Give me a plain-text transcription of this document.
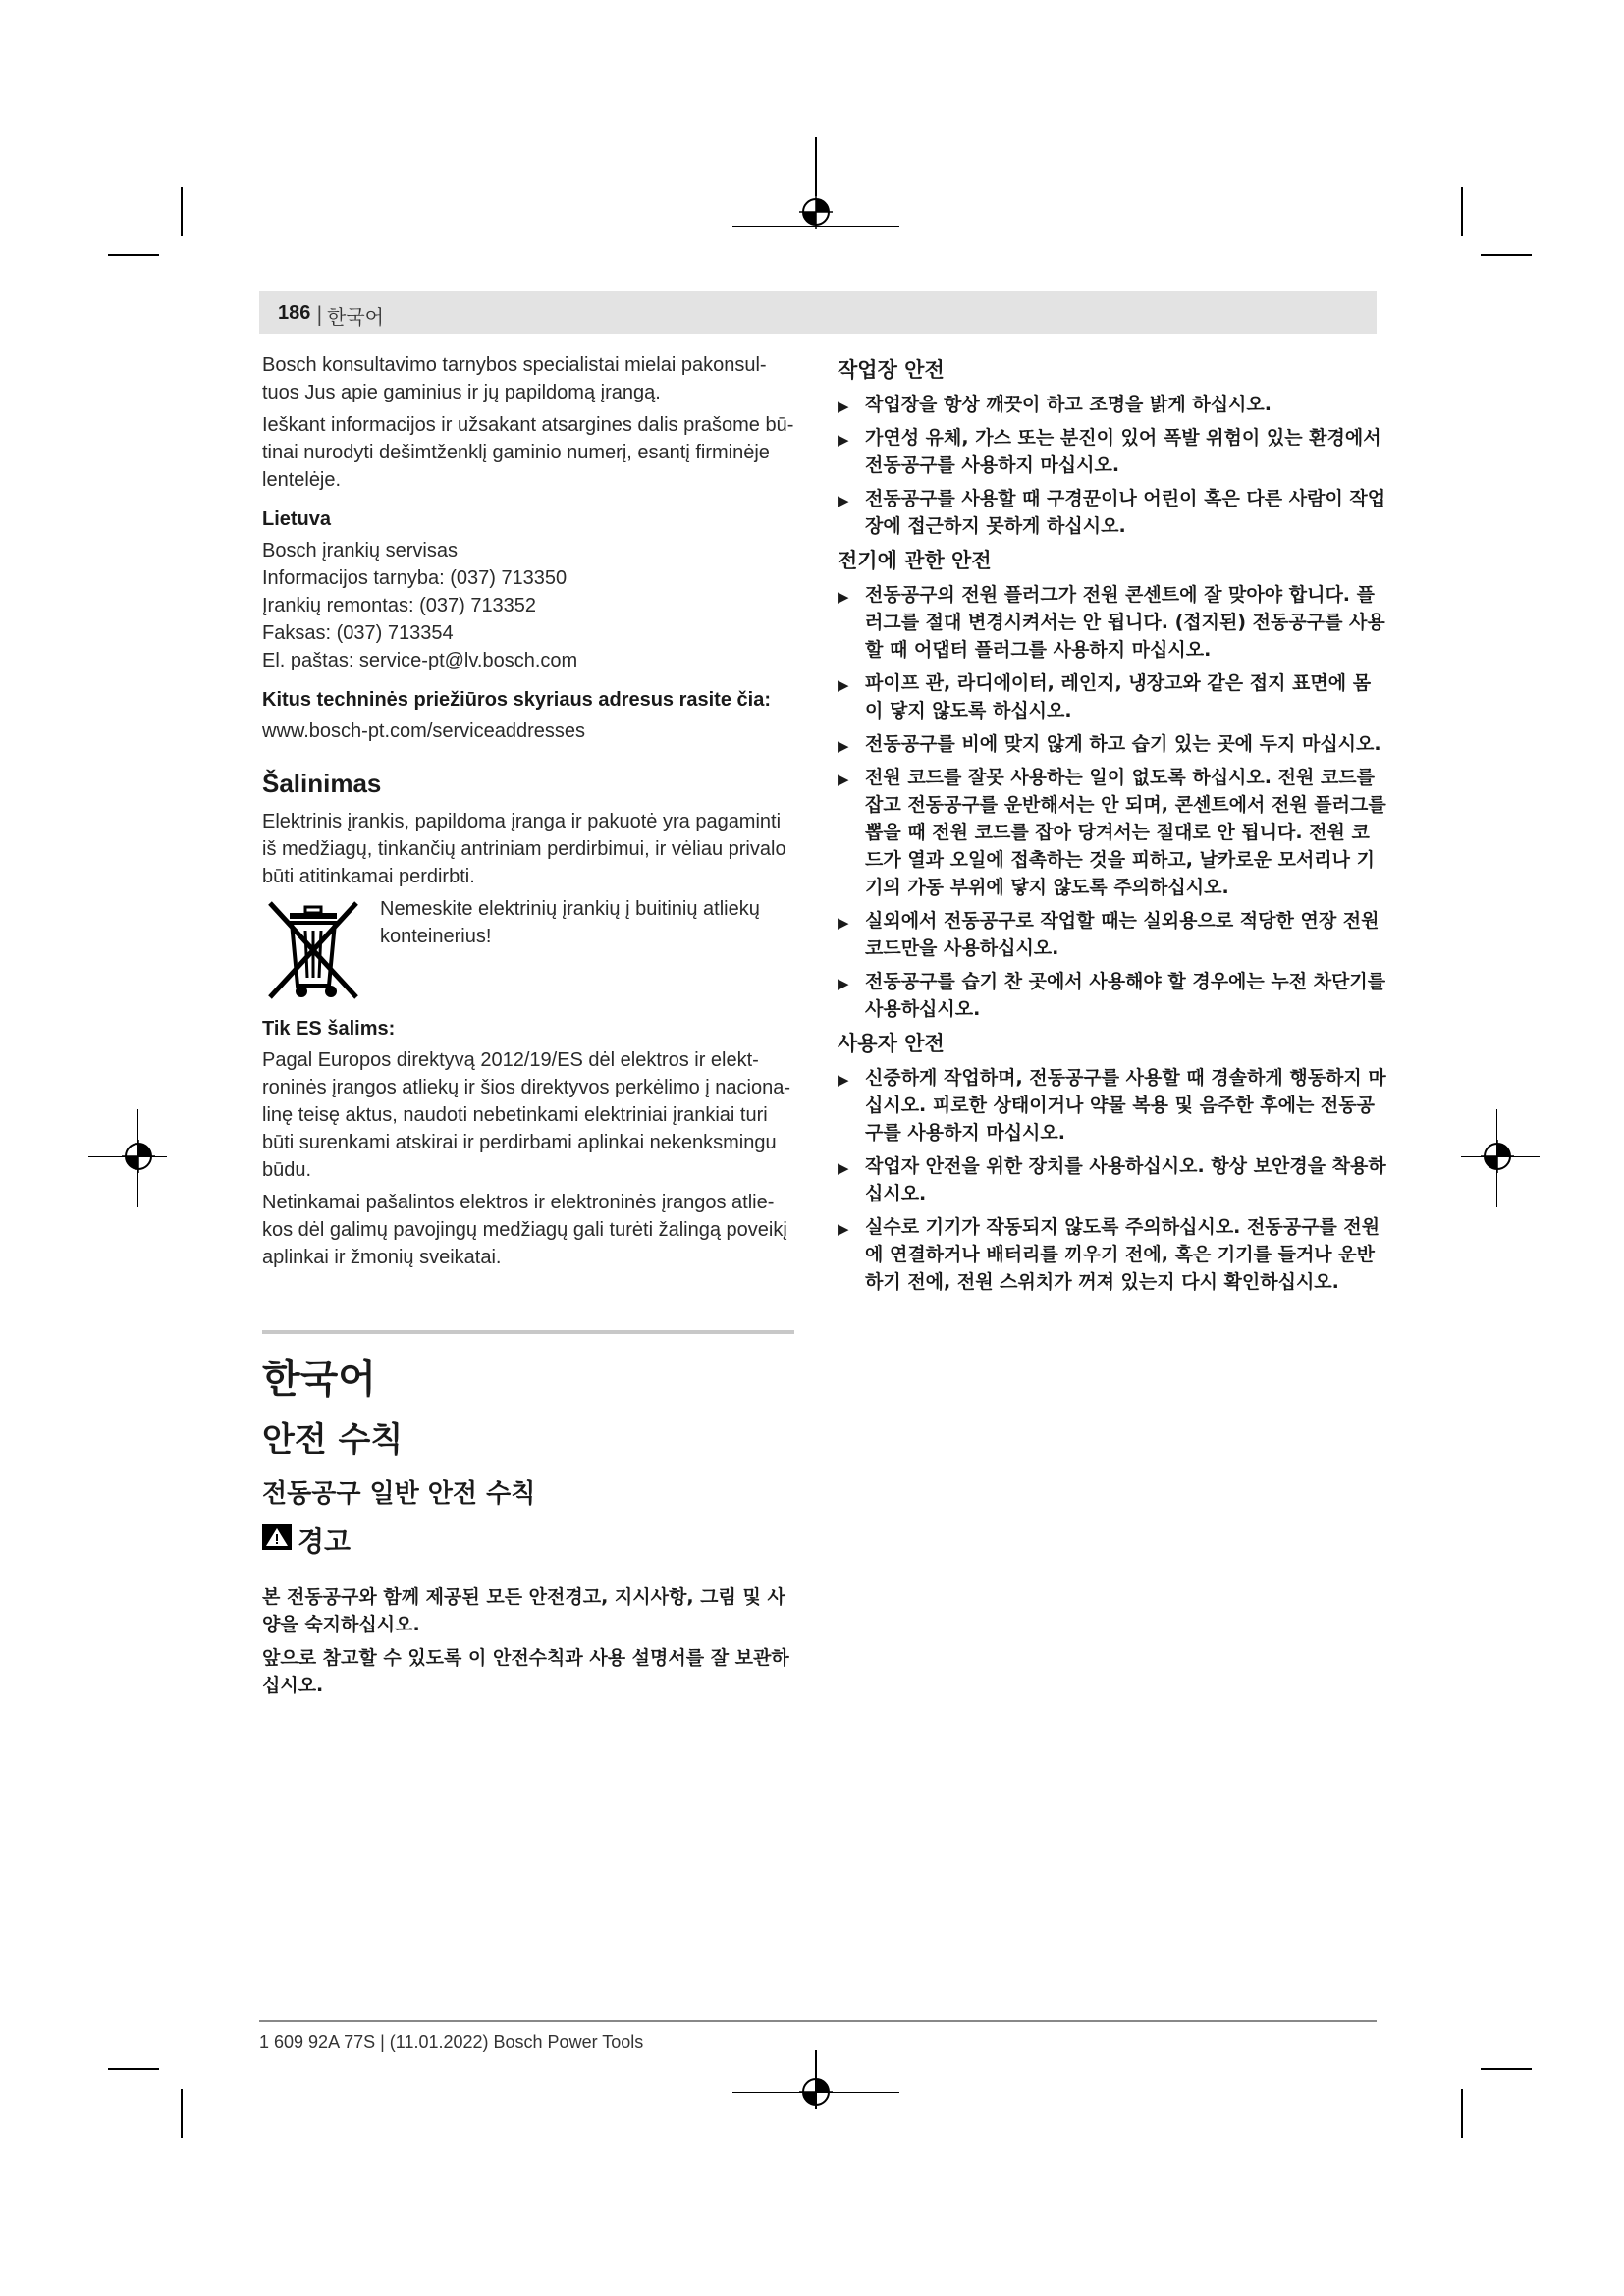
186 | 한국어

Bosch konsultavimo tarnybos specialistai mielai pakonsultuos Jus apie gaminius ir jų papildomą įrangą.

Ieškant informacijos ir užsakant atsargines dalis prašome būtinai nurodyti dešimtženklį gaminio numerį, esantį firminėje lentelėje.

Lietuva
Bosch įrankių servisas
Informacijos tarnyba: (037) 713350
Įrankių remontas: (037) 713352
Faksas: (037) 713354
El. paštas: service-pt@lv.bosch.com
Kitus techninės priežiūros skyriaus adresus rasite čia:
www.bosch-pt.com/serviceaddresses
Šalinimas

Elektrinis įrankis, papildoma įranga ir pakuotė yra pagaminti iš medžiagų, tinkančių antriniam perdirbimui, ir vėliau privalo būti atitinkamai perdirbti.

Nemeskite elektrinių įrankių į buitinių atliekų konteinerius!
Tik ES šalims:

Pagal Europos direktyvą 2012/19/ES dėl elektros ir elektroninės įrangos atliekų ir šios direktyvos perkėlimo į nacionalinę teisę aktus, naudoti nebetinkami elektriniai įrankiai turi būti surenkami atskirai ir perdirbami aplinkai nekenksmingu būdu.

Netinkamai pašalintos elektros ir elektroninės įrangos atliekos dėl galimų pavojingų medžiagų gali turėti žalingą poveikį aplinkai ir žmonių sveikatai.

한국어
안전 수칙
전동공구 일반 안전 수칙
경고

본 전동공구와 함께 제공된 모든 안전경고, 지시사항, 그림 및 사양을 숙지하십시오.

앞으로 참고할 수 있도록 이 안전수칙과 사용 설명서를 잘 보관하십시오.

작업장 안전
▶ 작업장을 항상 깨끗이 하고 조명을 밝게 하십시오.
▶ 가연성 유체, 가스 또는 분진이 있어 폭발 위험이 있는 환경에서 전동공구를 사용하지 마십시오.
▶ 전동공구를 사용할 때 구경꾼이나 어린이 혹은 다른 사람이 작업장에 접근하지 못하게 하십시오.
전기에 관한 안전
▶ 전동공구의 전원 플러그가 전원 콘센트에 잘 맞아야 합니다. 플러그를 절대 변경시켜서는 안 됩니다. (접지된) 전동공구를 사용할 때 어댑터 플러그를 사용하지 마십시오.
▶ 파이프 관, 라디에이터, 레인지, 냉장고와 같은 접지 표면에 몸이 닿지 않도록 하십시오.
▶ 전동공구를 비에 맞지 않게 하고 습기 있는 곳에 두지 마십시오.
▶ 전원 코드를 잘못 사용하는 일이 없도록 하십시오. 전원 코드를 잡고 전동공구를 운반해서는 안 되며, 콘센트에서 전원 플러그를 뽑을 때 전원 코드를 잡아 당겨서는 절대로 안 됩니다. 전원 코드가 열과 오일에 접촉하는 것을 피하고, 날카로운 모서리나 기기의 가동 부위에 닿지 않도록 주의하십시오.
▶ 실외에서 전동공구로 작업할 때는 실외용으로 적당한 연장 전원 코드만을 사용하십시오.
▶ 전동공구를 습기 찬 곳에서 사용해야 할 경우에는 누전 차단기를 사용하십시오.
사용자 안전
▶ 신중하게 작업하며, 전동공구를 사용할 때 경솔하게 행동하지 마십시오. 피로한 상태이거나 약물 복용 및 음주한 후에는 전동공구를 사용하지 마십시오.
▶ 작업자 안전을 위한 장치를 사용하십시오. 항상 보안경을 착용하십시오.
▶ 실수로 기기가 작동되지 않도록 주의하십시오. 전동공구를 전원에 연결하거나 배터리를 끼우기 전에, 혹은 기기를 들거나 운반하기 전에, 전원 스위치가 꺼져 있는지 다시 확인하십시오.
1 609 92A 77S | (11.01.2022) Bosch Power Tools
